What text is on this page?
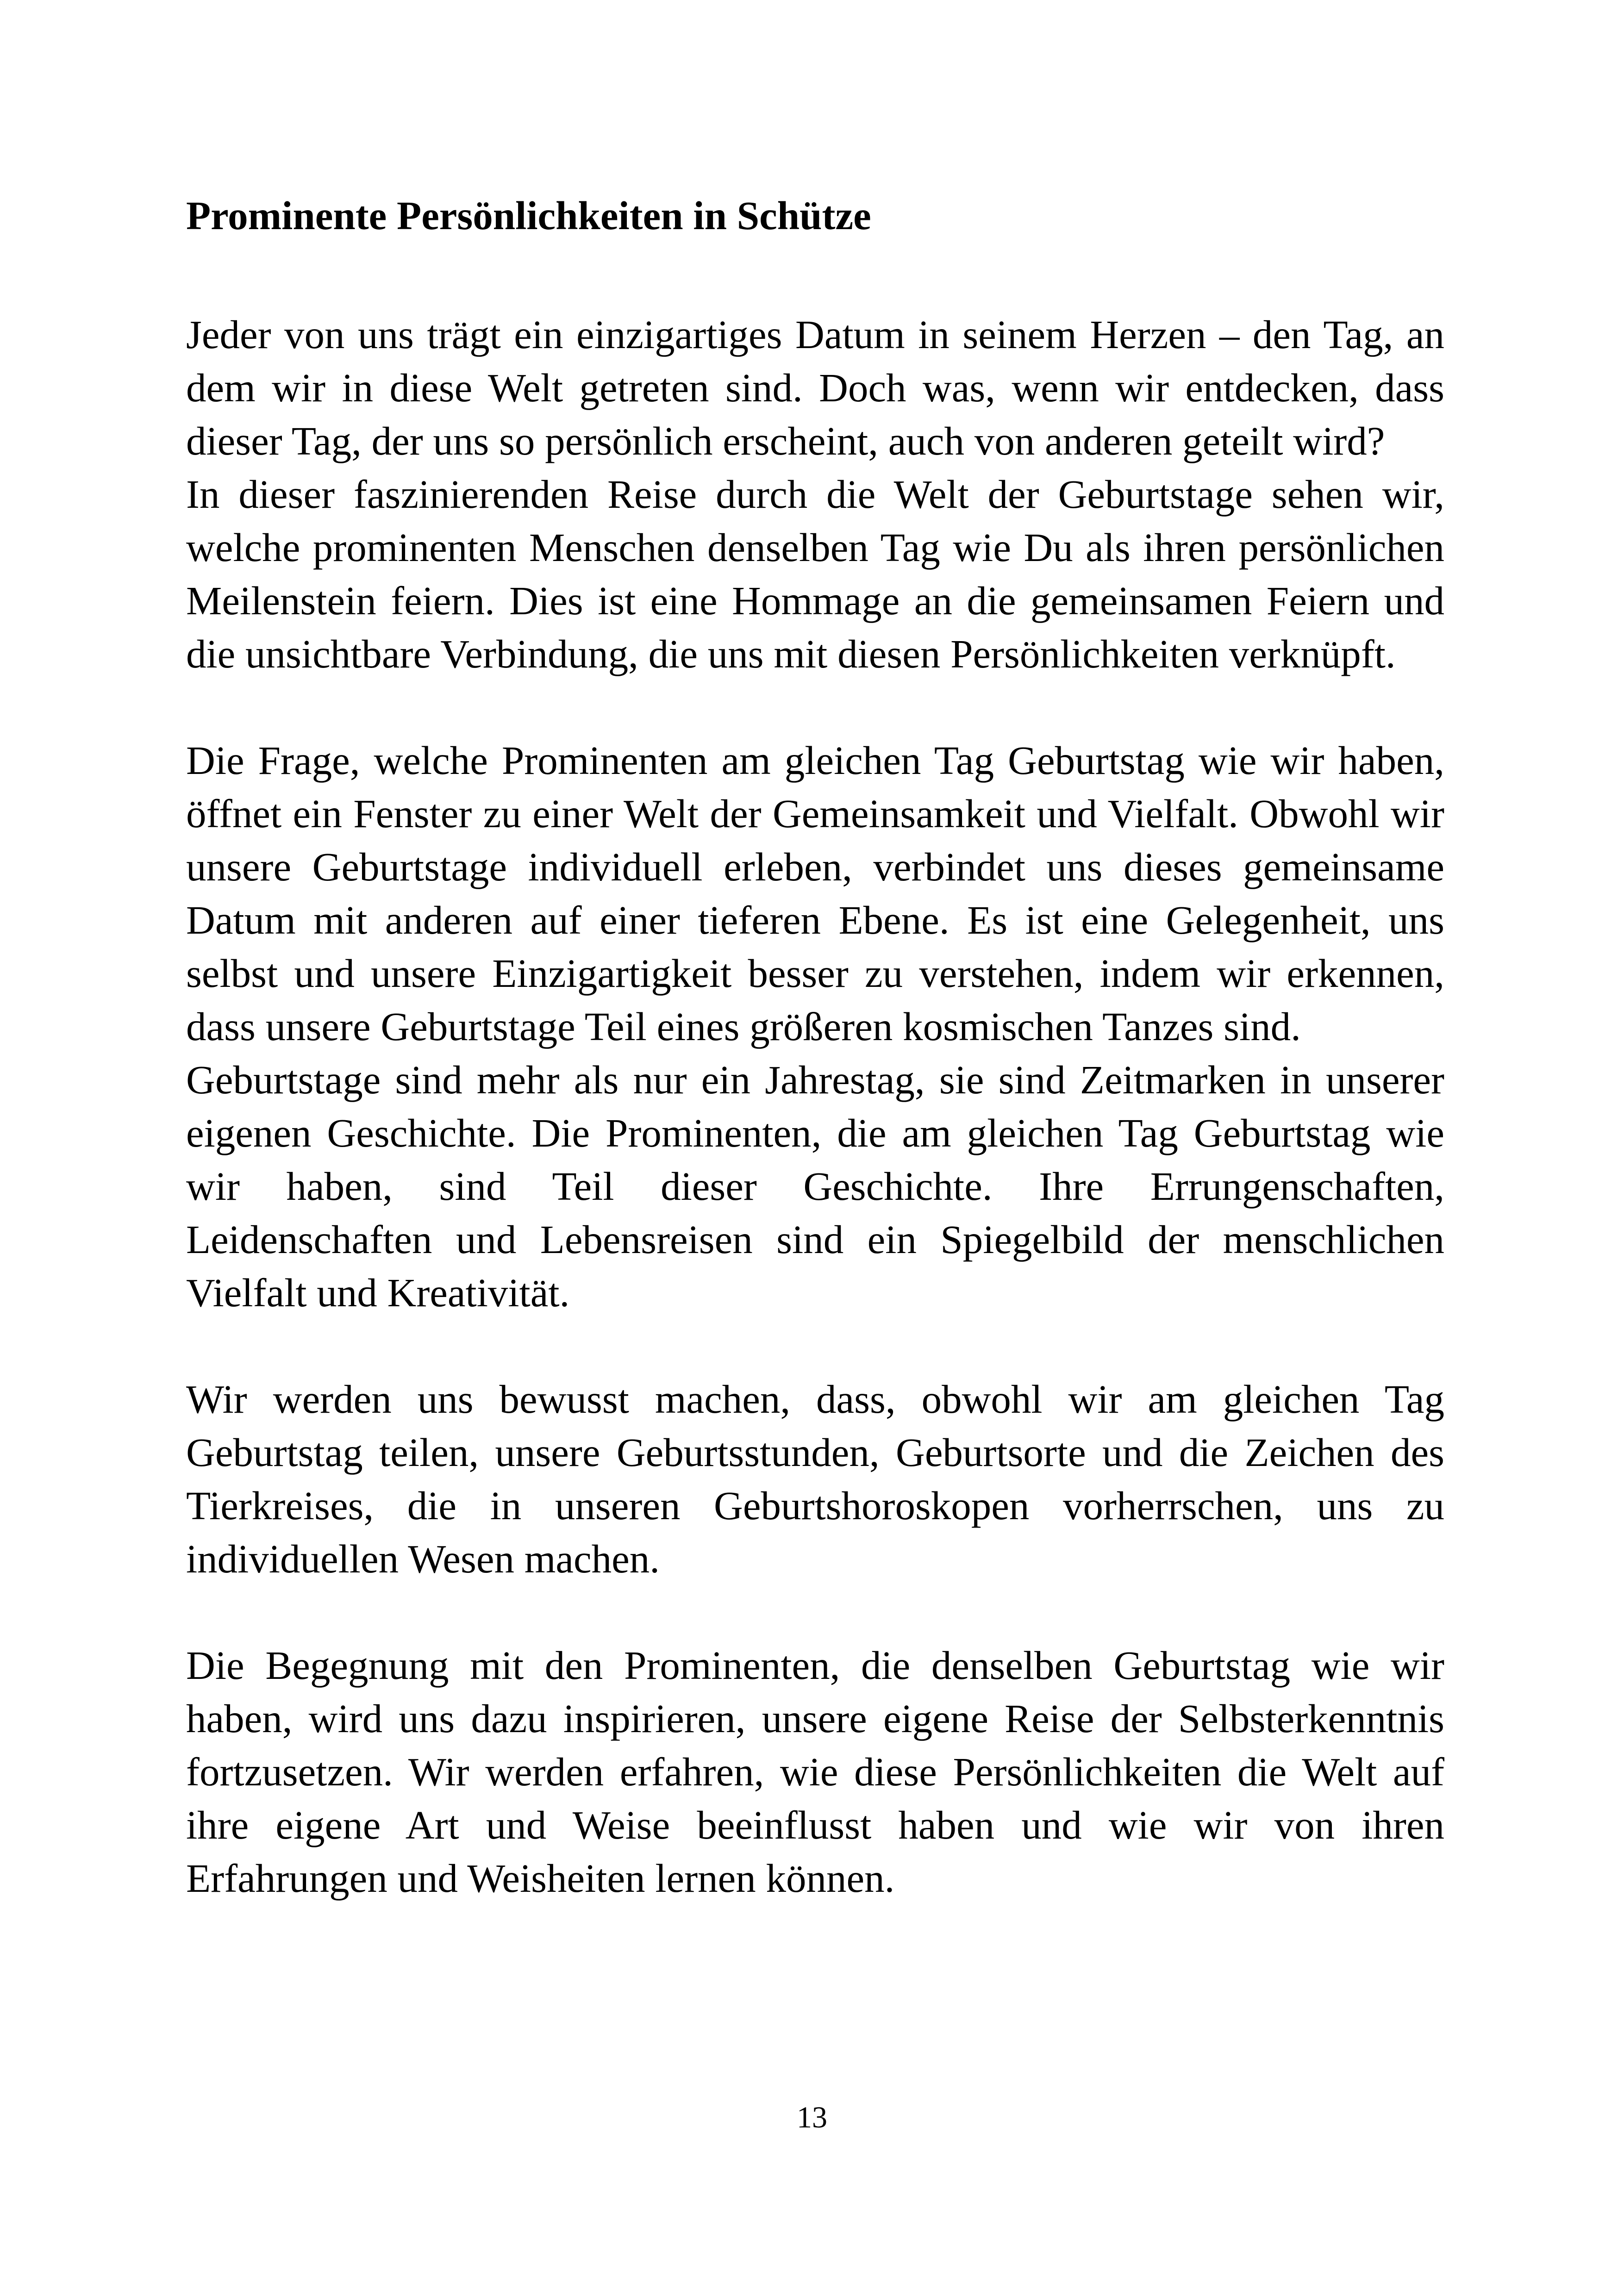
Prominente Persönlichkeiten in Schütze

Jeder von uns trägt ein einzigartiges Datum in seinem Herzen – den Tag, an dem wir in diese Welt getreten sind. Doch was, wenn wir entdecken, dass dieser Tag, der uns so persönlich erscheint, auch von anderen geteilt wird?

In dieser faszinierenden Reise durch die Welt der Geburtstage sehen wir, welche prominenten Menschen denselben Tag wie Du als ihren persönlichen Meilenstein feiern. Dies ist eine Hommage an die gemeinsamen Feiern und die unsichtbare Verbindung, die uns mit diesen Persönlichkeiten verknüpft.

Die Frage, welche Prominenten am gleichen Tag Geburtstag wie wir haben, öffnet ein Fenster zu einer Welt der Gemeinsamkeit und Vielfalt. Obwohl wir unsere Geburtstage individuell erleben, verbindet uns dieses gemeinsame Datum mit anderen auf einer tieferen Ebene. Es ist eine Gelegenheit, uns selbst und unsere Einzigartigkeit besser zu verstehen, indem wir erkennen, dass unsere Geburtstage Teil eines größeren kosmischen Tanzes sind.

Geburtstage sind mehr als nur ein Jahrestag, sie sind Zeitmarken in unserer eigenen Geschichte. Die Prominenten, die am gleichen Tag Geburtstag wie wir haben, sind Teil dieser Geschichte. Ihre Errungenschaften, Leidenschaften und Lebensreisen sind ein Spiegelbild der menschlichen Vielfalt und Kreativität.

Wir werden uns bewusst machen, dass, obwohl wir am gleichen Tag Geburtstag teilen, unsere Geburtsstunden, Geburtsorte und die Zeichen des Tierkreises, die in unseren Geburtshoroskopen vorherrschen, uns zu individuellen Wesen machen.

Die Begegnung mit den Prominenten, die denselben Geburtstag wie wir haben, wird uns dazu inspirieren, unsere eigene Reise der Selbsterkenntnis fortzusetzen. Wir werden erfahren, wie diese Persönlichkeiten die Welt auf ihre eigene Art und Weise beeinflusst haben und wie wir von ihren Erfahrungen und Weisheiten lernen können.

13
